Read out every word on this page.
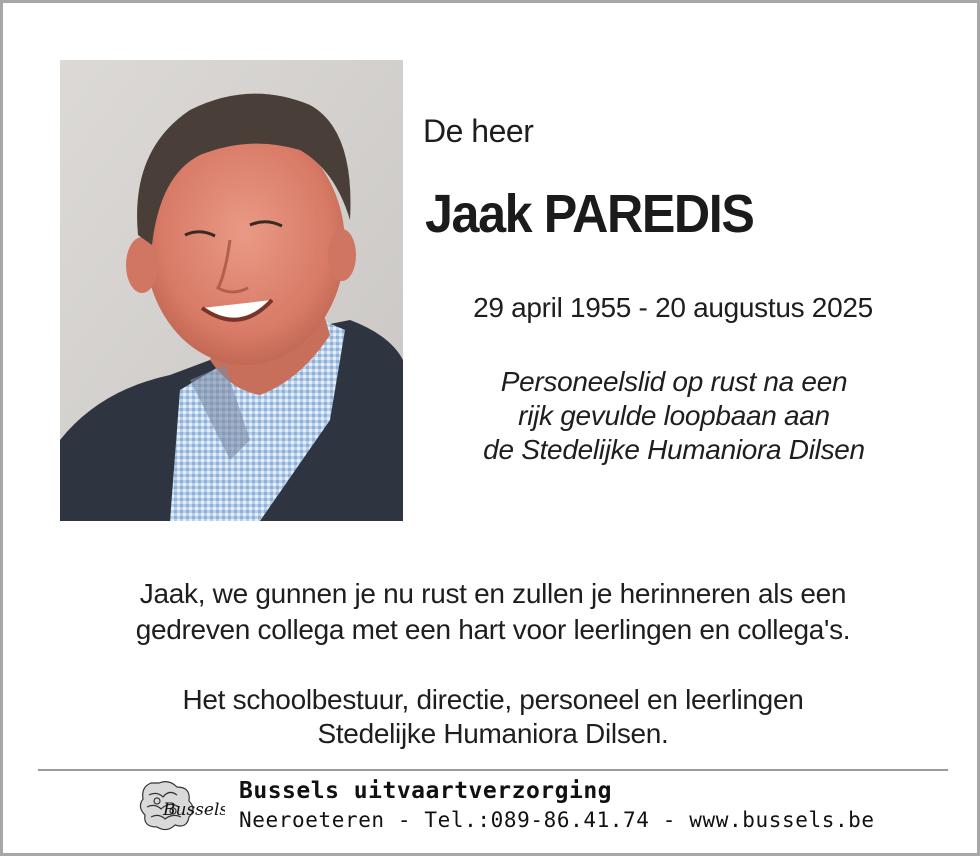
De heer
Jaak PAREDIS
29 april 1955 - 20 augustus 2025
Personeelslid op rust na een
rijk gevulde loopbaan aan
de Stedelijke Humaniora Dilsen
Jaak, we gunnen je nu rust en zullen je herinneren als een
gedreven collega met een hart voor leerlingen en collega's.
Het schoolbestuur, directie, personeel en leerlingen
Stedelijke Humaniora Dilsen.
Bussels
Bussels uitvaartverzorging
Neeroeteren - Tel.:089-86.41.74 - www.bussels.be
